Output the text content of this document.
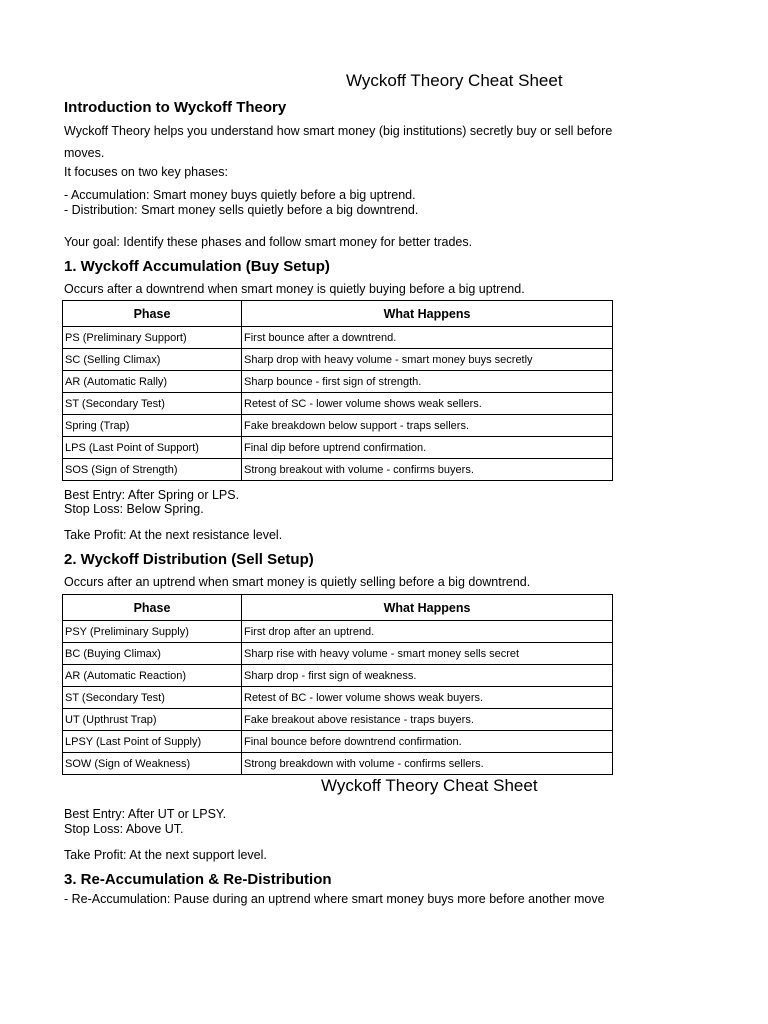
Wyckoff Theory Cheat Sheet
Introduction to Wyckoff Theory
Wyckoff Theory helps you understand how smart money (big institutions) secretly buy or sell before
moves.
It focuses on two key phases:
- Accumulation: Smart money buys quietly before a big uptrend.
- Distribution: Smart money sells quietly before a big downtrend.
Your goal: Identify these phases and follow smart money for better trades.
1. Wyckoff Accumulation (Buy Setup)
Occurs after a downtrend when smart money is quietly buying before a big uptrend.
Phase	What Happens
PS (Preliminary Support)	First bounce after a downtrend.
SC (Selling Climax)	Sharp drop with heavy volume - smart money buys secretly
AR (Automatic Rally)	Sharp bounce - first sign of strength.
ST (Secondary Test)	Retest of SC - lower volume shows weak sellers.
Spring (Trap)	Fake breakdown below support - traps sellers.
LPS (Last Point of Support)	Final dip before uptrend confirmation.
SOS (Sign of Strength)	Strong breakout with volume - confirms buyers.
Best Entry: After Spring or LPS.
Stop Loss: Below Spring.
Take Profit: At the next resistance level.
2. Wyckoff Distribution (Sell Setup)
Occurs after an uptrend when smart money is quietly selling before a big downtrend.
Phase	What Happens
PSY (Preliminary Supply)	First drop after an uptrend.
BC (Buying Climax)	Sharp rise with heavy volume - smart money sells secret
AR (Automatic Reaction)	Sharp drop - first sign of weakness.
ST (Secondary Test)	Retest of BC - lower volume shows weak buyers.
UT (Upthrust Trap)	Fake breakout above resistance - traps buyers.
LPSY (Last Point of Supply)	Final bounce before downtrend confirmation.
SOW (Sign of Weakness)	Strong breakdown with volume - confirms sellers.
Wyckoff Theory Cheat Sheet
Best Entry: After UT or LPSY.
Stop Loss: Above UT.
Take Profit: At the next support level.
3. Re-Accumulation & Re-Distribution
- Re-Accumulation: Pause during an uptrend where smart money buys more before another move
